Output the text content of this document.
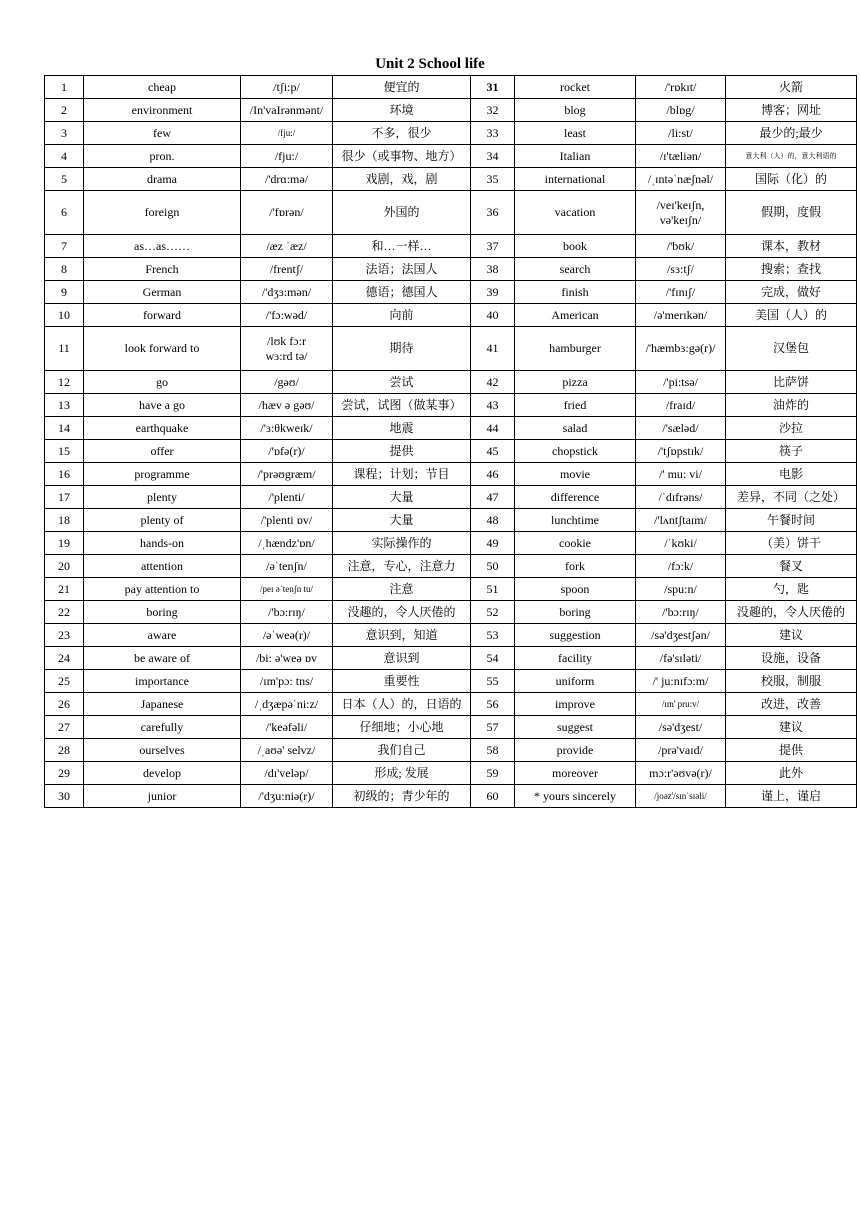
Unit 2 School life
1	cheap	/tʃi:p/	便宜的	31	rocket	/'rɒkɪt/	火箭
2	environment	/In'vaIrənmənt/	环境	32	blog	/blɒg/	博客；网址
3	few	/fju:/	不多，很少	33	least	/li:st/	最少的;最少
4	pron.	/fju:/	很少（或事物、地方）	34	Italian	/ɪ'tæliən/	意大利（人）的，意大利语的
5	drama	/'drɑ:mə/	戏剧，戏，剧	35	international	/ˌɪntəˈnæʃnəl/	国际（化）的
6	foreign	/'fɒrən/	外国的	36	vacation	/veɪ'keɪʃn,
və'keɪʃn/	假期，度假
7	as…as……	/æz ˈæz/	和…一样…	37	book	/'bʊk/	课本，教材
8	French	/frentʃ/	法语；法国人	38	search	/sɜ:tʃ/	搜索；查找
9	German	/'dʒɜ:mən/	德语；德国人	39	finish	/'fɪnɪʃ/	完成，做好
10	forward	/'fɔ:wəd/	向前	40	American	/ə'merɪkən/	美国（人）的
11	look forward to	/lʊk fɔ:r
wɜ:rd tə/	期待	41	hamburger	/'hæmbɜ:gə(r)/	汉堡包
12	go	/gəʊ/	尝试	42	pizza	/'pi:tsə/	比萨饼
13	have a go	/hæv ə gəʊ/	尝试，试图（做某事）	43	fried	/fraɪd/	油炸的
14	earthquake	/'ɜ:θkweɪk/	地震	44	salad	/'sæləd/	沙拉
15	offer	/'ɒfə(r)/	提供	45	chopstick	/'tʃɒpstɪk/	筷子
16	programme	/'prəʊgræm/	课程；计划；节目	46	movie	/' mu: vi/	电影
17	plenty	/'plenti/	大量	47	difference	/ˈdɪfrəns/	差异，不同（之处）
18	plenty of	/'plenti ɒv/	大量	48	lunchtime	/'lʌntʃtaɪm/	午餐时间
19	hands-on	/ˌhændz'ɒn/	实际操作的	49	cookie	/ˈkʊki/	（美）饼干
20	attention	/əˈtenʃn/	注意，专心，注意力	50	fork	/fɔ:k/	餐叉
21	pay attention to	/peɪ əˈtenʃn tu/	注意	51	spoon	/spu:n/	勺，匙
22	boring	/'bɔ:rɪŋ/	没趣的，令人厌倦的	52	boring	/'bɔ:rɪŋ/	没趣的，令人厌倦的
23	aware	/əˈweə(r)/	意识到，知道	53	suggestion	/sə'dʒestʃən/	建议
24	be aware of	/bi: ə'weə ɒv	意识到	54	facility	/fə'sɪləti/	设施，设备
25	importance	/ɪm'pɔ: tns/	重要性	55	uniform	/' ju:nɪfɔ:m/	校服，制服
26	Japanese	/ˌdʒæpəˈni:z/	日本（人）的，日语的	56	improve	/ɪm' pru:v/	改进，改善
27	carefully	/'keəfəli/	仔细地；小心地	57	suggest	/sə'dʒest/	建议
28	ourselves	/ˌaʊə' selvz/	我们自己	58	provide	/prə'vaɪd/	提供
29	develop	/dɪ'veləp/	形成; 发展	59	moreover	mɔ:r'əʊvə(r)/	此外
30	junior	/'dʒu:niə(r)/	初级的；青少年的	60	* yours sincerely	/joəz'/sɪnˈsɪəli/	谨上，谨启
